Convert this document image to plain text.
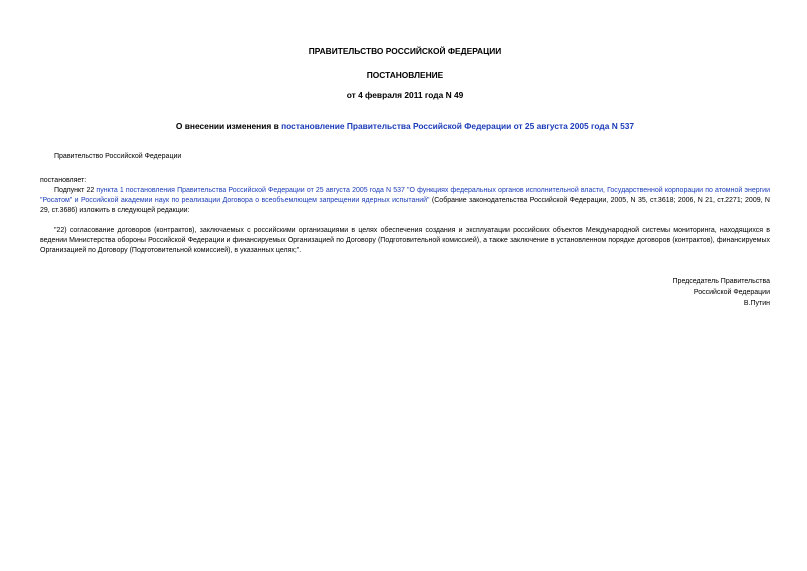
ПРАВИТЕЛЬСТВО РОССИЙСКОЙ ФЕДЕРАЦИИ
ПОСТАНОВЛЕНИЕ
от 4 февраля 2011 года N 49
О внесении изменения в постановление Правительства Российской Федерации от 25 августа 2005 года N 537
Правительство Российской Федерации
постановляет:
Подпункт 22 пункта 1 постановления Правительства Российской Федерации от 25 августа 2005 года N 537 "О функциях федеральных органов исполнительной власти, Государственной корпорации по атомной энергии "Росатом" и Российской академии наук по реализации Договора о всеобъемлющем запрещении ядерных испытаний" (Собрание законодательства Российской Федерации, 2005, N 35, ст.3618; 2006, N 21, ст.2271; 2009, N 29, ст.3686) изложить в следующей редакции:
"22) согласование договоров (контрактов), заключаемых с российскими организациями в целях обеспечения создания и эксплуатации российских объектов Международной системы мониторинга, находящихся в ведении Министерства обороны Российской Федерации и финансируемых Организацией по Договору (Подготовительной комиссией), а также заключение в установленном порядке договоров (контрактов), финансируемых Организацией по Договору (Подготовительной комиссией), в указанных целях;".
Председатель Правительства
Российской Федерации
В.Путин
